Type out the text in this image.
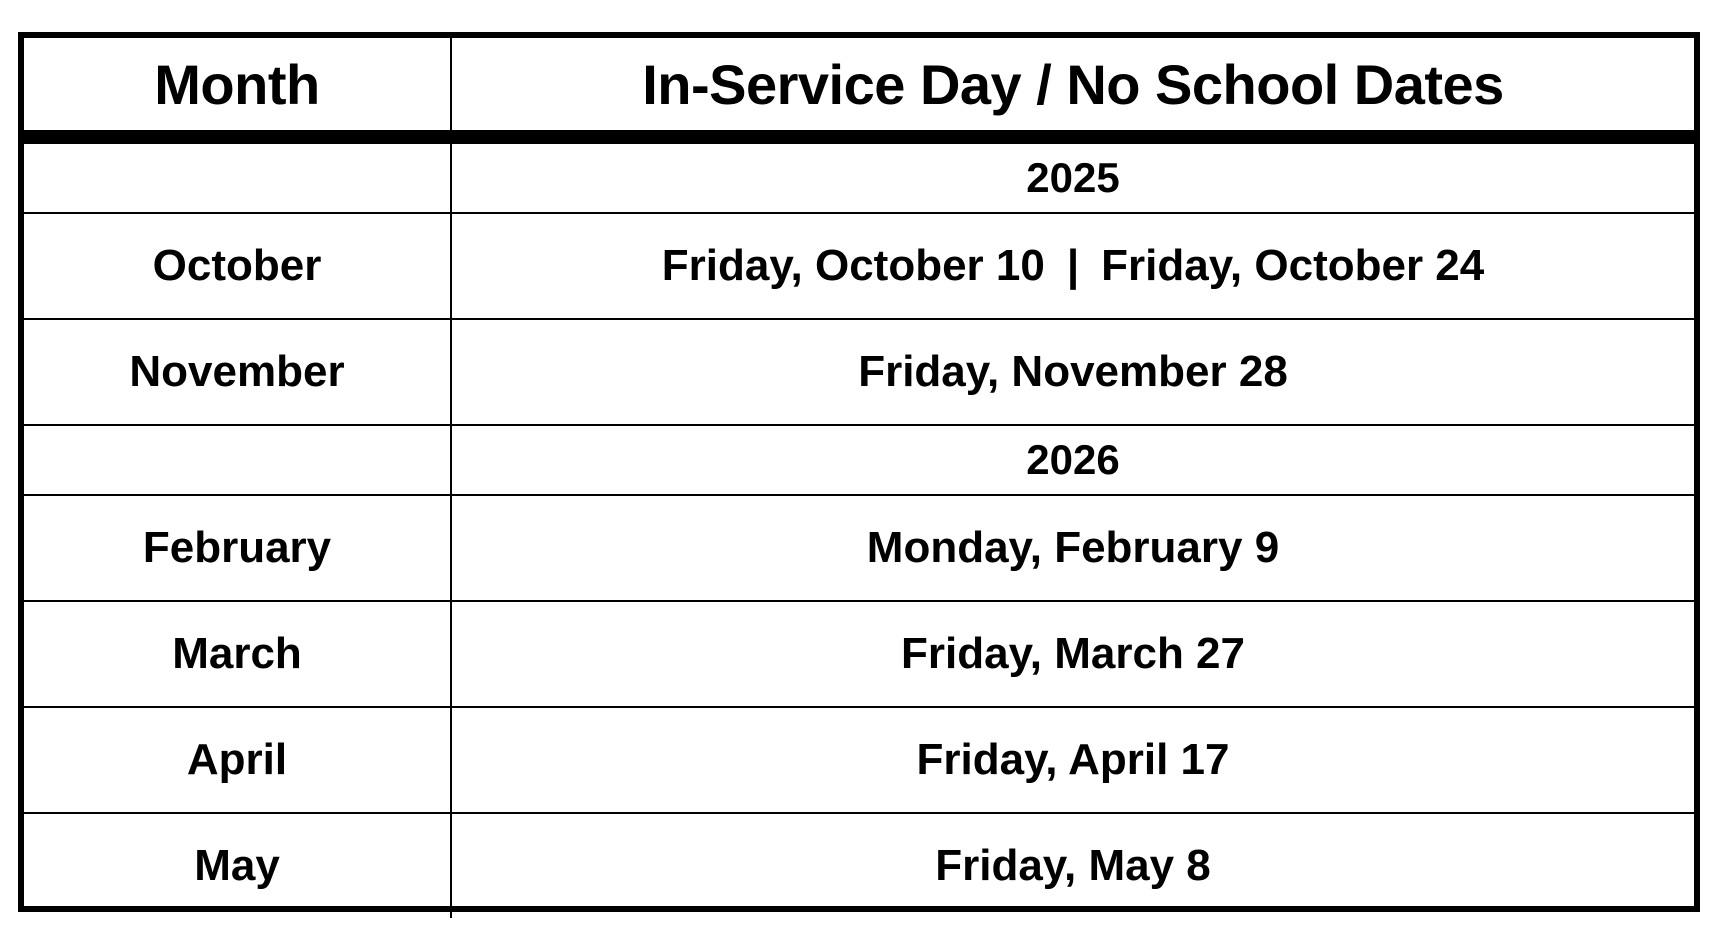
Month	In-Service Day / No School Dates
	2025
October	Friday, October 10 | Friday, October 24
November	Friday, November 28
	2026
February	Monday, February 9
March	Friday, March 27
April	Friday, April 17
May	Friday, May 8
